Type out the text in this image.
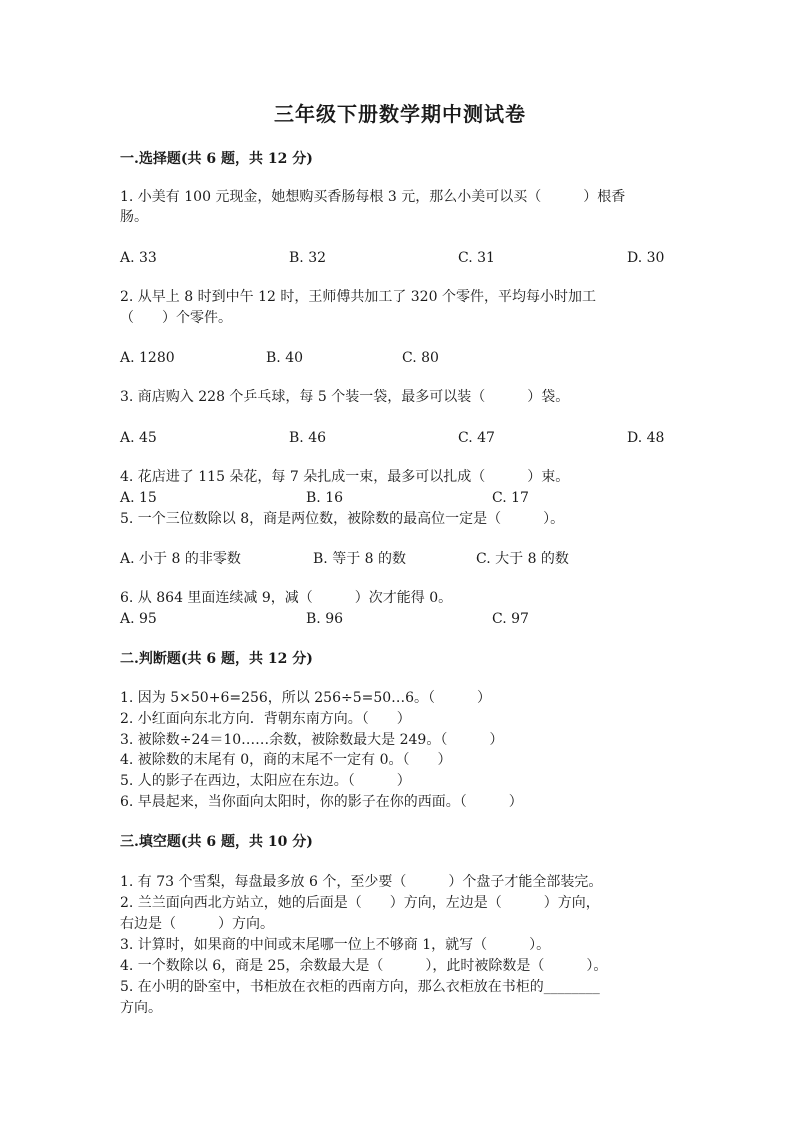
三年级下册数学期中测试卷
一.选择题(共 6 题，共 12 分)
1. 小美有 100 元现金，她想购买香肠每根 3 元，那么小美可以买（　　　）根香
肠。
A. 33	B. 32	C. 31	D. 30
2. 从早上 8 时到中午 12 时，王师傅共加工了 320 个零件，平均每小时加工
（　　）个零件。
A. 1280	B. 40	C. 80
3. 商店购入 228 个乒乓球，每 5 个装一袋，最多可以装（　　　）袋。
A. 45	B. 46	C. 47	D. 48
4. 花店进了 115 朵花，每 7 朵扎成一束，最多可以扎成（　　　）束。
A. 15	B. 16	C. 17
5. 一个三位数除以 8，商是两位数，被除数的最高位一定是（　　　）。
A. 小于 8 的非零数	B. 等于 8 的数	C. 大于 8 的数
6. 从 864 里面连续减 9，减（　　　）次才能得 0。
A. 95	B. 96	C. 97
二.判断题(共 6 题，共 12 分)
1. 因为 5×50+6=256，所以 256÷5=50…6。（　　　）
2. 小红面向东北方向．背朝东南方向。（　　）
3. 被除数÷24＝10……余数，被除数最大是 249。（　　　）
4. 被除数的末尾有 0，商的末尾不一定有 0。（　　）
5. 人的影子在西边，太阳应在东边。（　　　）
6. 早晨起来，当你面向太阳时，你的影子在你的西面。（　　　）
三.填空题(共 6 题，共 10 分)
1. 有 73 个雪梨，每盘最多放 6 个，至少要（　　　）个盘子才能全部装完。
2. 兰兰面向西北方站立，她的后面是（　　）方向，左边是（　　　）方向，
右边是（　　　）方向。
3. 计算时，如果商的中间或末尾哪一位上不够商 1，就写（　　　）。
4. 一个数除以 6，商是 25，余数最大是（　　　），此时被除数是（　　　）。
5. 在小明的卧室中，书柜放在衣柜的西南方向，那么衣柜放在书柜的________
方向。
